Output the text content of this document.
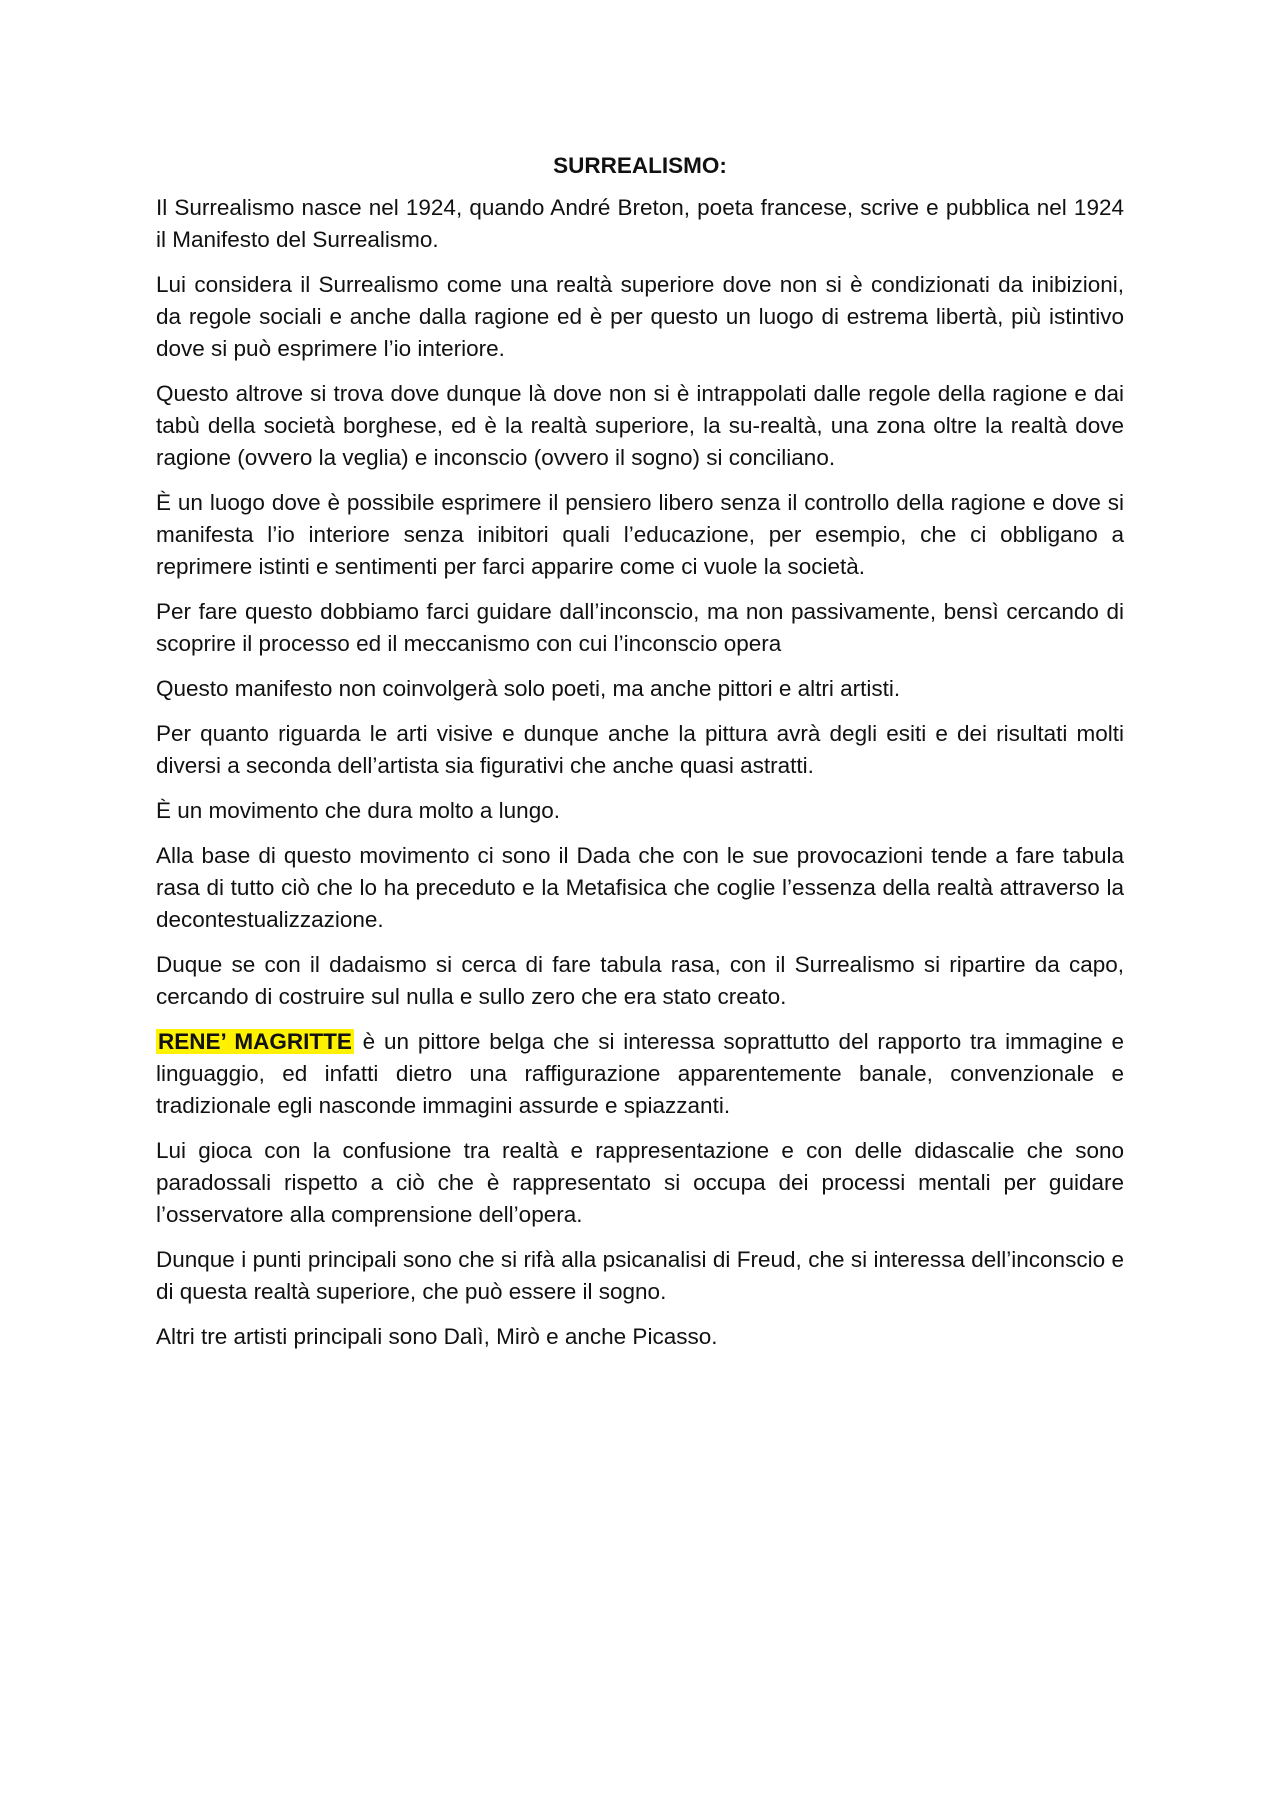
SURREALISMO:

Il Surrealismo nasce nel 1924, quando André Breton, poeta francese, scrive e pubblica nel 1924 il Manifesto del Surrealismo.

Lui considera il Surrealismo come una realtà superiore dove non si è condizionati da inibizioni, da regole sociali e anche dalla ragione ed è per questo un luogo di estrema libertà, più istintivo dove si può esprimere l’io interiore.

Questo altrove si trova dove dunque là dove non si è intrappolati dalle regole della ragione e dai tabù della società borghese, ed è la realtà superiore, la su-realtà, una zona oltre la realtà dove ragione (ovvero la veglia) e inconscio (ovvero il sogno) si conciliano.

È un luogo dove è possibile esprimere il pensiero libero senza il controllo della ragione e dove si manifesta l’io interiore senza inibitori quali l’educazione, per esempio, che ci obbligano a reprimere istinti e sentimenti per farci apparire come ci vuole la società.

Per fare questo dobbiamo farci guidare dall’inconscio, ma non passivamente, bensì cercando di scoprire il processo ed il meccanismo con cui l’inconscio opera

Questo manifesto non coinvolgerà solo poeti, ma anche pittori e altri artisti.

Per quanto riguarda le arti visive e dunque anche la pittura avrà degli esiti e dei risultati molti diversi a seconda dell’artista sia figurativi che anche quasi astratti.

È un movimento che dura molto a lungo.

Alla base di questo movimento ci sono il Dada che con le sue provocazioni tende a fare tabula rasa di tutto ciò che lo ha preceduto e la Metafisica che coglie l’essenza della realtà attraverso la decontestualizzazione.

Duque se con il dadaismo si cerca di fare tabula rasa, con il Surrealismo si ripartire da capo, cercando di costruire sul nulla e sullo zero che era stato creato.

RENE’ MAGRITTE è un pittore belga che si interessa soprattutto del rapporto tra immagine e linguaggio, ed infatti dietro una raffigurazione apparentemente banale, convenzionale e tradizionale egli nasconde immagini assurde e spiazzanti.

Lui gioca con la confusione tra realtà e rappresentazione e con delle didascalie che sono paradossali rispetto a ciò che è rappresentato si occupa dei processi mentali per guidare l’osservatore alla comprensione dell’opera.

Dunque i punti principali sono che si rifà alla psicanalisi di Freud, che si interessa dell’inconscio e di questa realtà superiore, che può essere il sogno.

Altri tre artisti principali sono Dalì, Mirò e anche Picasso.
